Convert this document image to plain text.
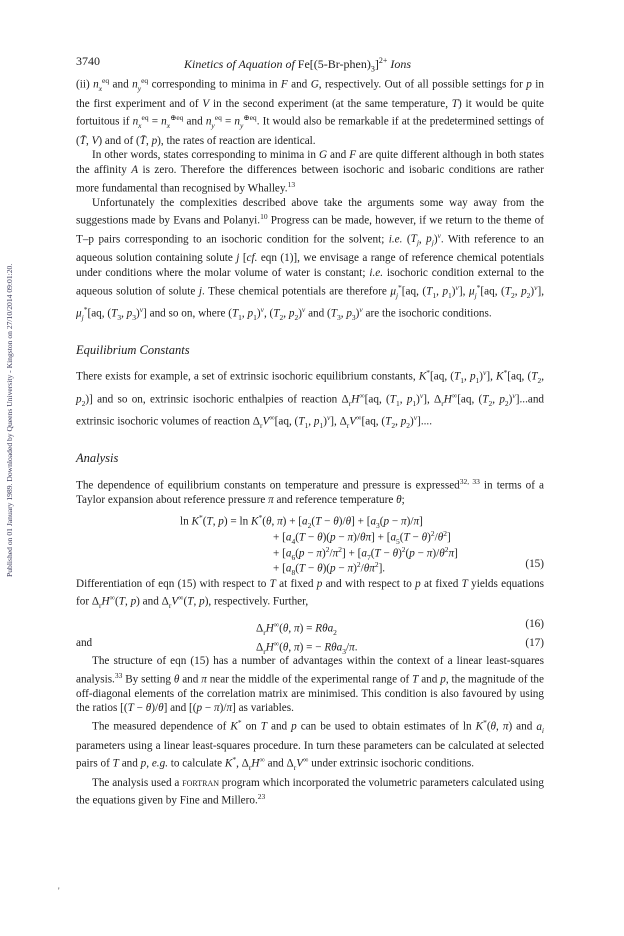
Published on 01 January 1989. Downloaded by Queens University - Kingston on 27/10/2014 09:01:20.
3740	Kinetics of Aquation of $Fe[(5-Br-phen)_3]^{2+}$ Ions

(ii) $n_x^{eq}$ and $n_y^{eq}$ corresponding to minima in F and G, respectively. Out of all possible settings for p in the first experiment and of V in the second experiment (at the same temperature, T) it would be quite fortuitous if $n_x^{eq} = n_x^{\oplus eq}$ and $n_y^{eq} = n_y^{\oplus eq}$. It would also be remarkable if at the predetermined settings of (T̄, V) and of (T̄, p), the rates of reaction are identical.

In other words, states corresponding to minima in G and F are quite different although in both states the affinity A is zero. Therefore the differences between isochoric and isobaric conditions are rather more fundamental than recognised by Whalley.$^{13}$

Unfortunately the complexities described above take the arguments some way away from the suggestions made by Evans and Polanyi.$^{10}$ Progress can be made, however, if we return to the theme of T–p pairs corresponding to an isochoric condition for the solvent; i.e. ($T_j$, $p_j)^v$. With reference to an aqueous solution containing solute j [cf. eqn (1)], we envisage a range of reference chemical potentials under conditions where the molar volume of water is constant; i.e. isochoric condition external to the aqueous solution of solute j. These chemical potentials are therefore $\mu_j^*[aq$, ($T_1$, $p_1)^v$], $\mu_j^*[aq$, ($T_2$, $p_2)^v$], $\mu_j^*[aq$, ($T_3$, $p_3)^v$] and so on, where ($T_1$, $p_1)^v$, ($T_2$, $p_2)^v$ and ($T_3$, $p_3)^v$ are the isochoric conditions.

Equilibrium Constants

There exists for example, a set of extrinsic isochoric equilibrium constants, K*[aq, ($T_1$, $p_1)^v$], K*[aq, ($T_2$, $p_2$)] and so on, extrinsic isochoric enthalpies of reaction $\Delta_rH^\infty[aq$, ($T_1$, $p_1)^v$], $\Delta_rH^\infty[aq$, ($T_2$, $p_2)^v]...and$ extrinsic isochoric volumes of reaction $\Delta_rV^\infty[aq$, ($T_1$, $p_1)^v$], $\Delta_rV^\infty[aq$, ($T_2$, $p_2)^v$]....

Analysis

The dependence of equilibrium constants on temperature and pressure is expressed$^{32, 33}$ in terms of a Taylor expansion about reference pressure π and reference temperature θ;

ln K*(T, p) = ln K*(θ, $\pi) + [a_2(T - \theta)/\theta] + [a_3(p - \pi)/\pi]$
+ $[a_4(T - \theta)(p - \pi)/\theta\pi] + [a_5(T - \theta)^2/\theta^2]$
+ $[a_6(p - \pi)^2/\pi^2] + [a_7(T - \theta)^2(p - \pi)/\theta^2\pi]$
+ $[a_8(T - \theta)(p - \pi)^2/\theta\pi^2]$.	(15)

Differentiation of eqn (15) with respect to T at fixed p and with respect to p at fixed T yields equations for $\Delta_rH^\infty(T$, p) and $\Delta_rV^\infty(T$, p), respectively. Further,

$\Delta_rH^\infty(\theta$, π) = Rθa$_2$
(16)
and	$\Delta_rH^\infty(\theta$, π) = − Rθa$_3$/π.	(17)

The structure of eqn (15) has a number of advantages within the context of a linear least-squares analysis.$^{33}$ By setting θ and π near the middle of the experimental range of T and p, the magnitude of the off-diagonal elements of the correlation matrix are minimised. This condition is also favoured by using the ratios [(T − θ)/θ] and [(p − π)/π] as variables.

The measured dependence of K* on T and p can be used to obtain estimates of ln K*(θ, π) and $a_i$ parameters using a linear least-squares procedure. In turn these parameters can be calculated at selected pairs of T and p, e.g. to calculate K*, $\Delta_rH^\infty$ and $\Delta_rV^\infty$ under extrinsic isochoric conditions.

The analysis used a fortran program which incorporated the volumetric parameters calculated using the equations given by Fine and Millero.$^{23}$

'
